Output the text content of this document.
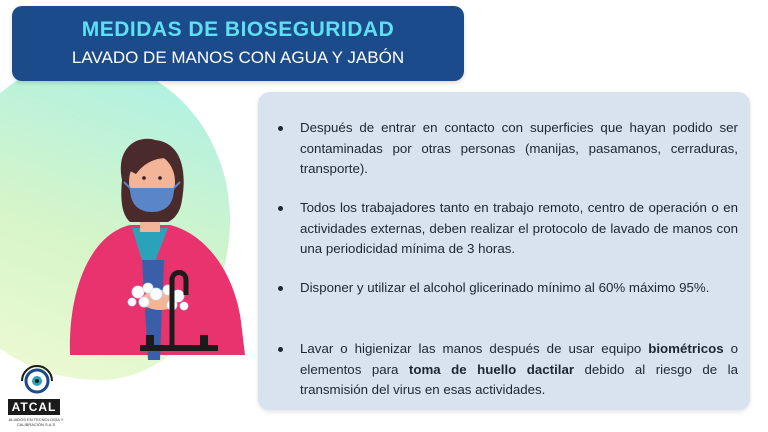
MEDIDAS DE BIOSEGURIDAD
LAVADO DE MANOS CON AGUA Y JABÓN
Después de entrar en contacto con superficies que hayan podido ser contaminadas por otras personas (manijas, pasamanos, cerraduras, transporte).
Todos los trabajadores tanto en trabajo remoto, centro de operación o en actividades externas, deben realizar el protocolo de lavado de manos con una periodicidad mínima de 3 horas.
Disponer y utilizar el alcohol glicerinado mínimo al 60% máximo 95%.
Lavar o higienizar las manos después de usar equipo biométricos o elementos para toma de huello dactilar debido al riesgo de la transmisión del virus en esas actividades.
ATCAL
ALIADOS EN TECNOLOGÍA Y CALIBRACIÓN S.A.S
